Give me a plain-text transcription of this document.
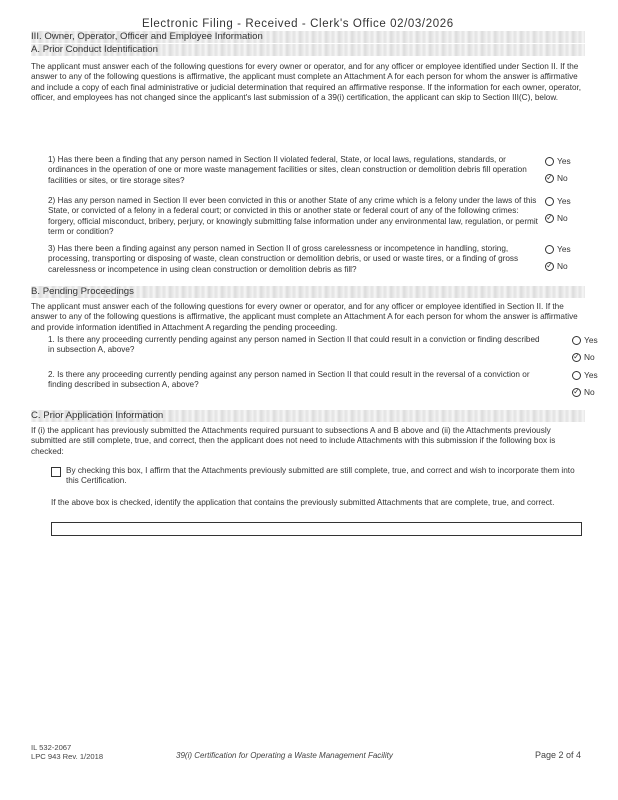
Electronic Filing - Received - Clerk's Office 02/03/2026
III. Owner, Operator, Officer and Employee Information
A. Prior Conduct Identification
The applicant must answer each of the following questions for every owner or operator, and for any officer or employee identified under Section II. If the answer to any of the following questions is affirmative, the applicant must complete an Attachment A for each person for whom the answer is affirmative and include a copy of each final administrative or judicial determination that required an affirmative response. If the information for each owner, operator, officer, and employees has not changed since the applicant's last submission of a 39(i) certification, the applicant can skip to Section III(C), below.
1) Has there been a finding that any person named in Section II violated federal, State, or local laws, regulations, standards, or ordinances in the operation of one or more waste management facilities or sites, clean construction or demolition debris fill operation facilities or sites, or tire storage sites?
Yes
✓ No
2) Has any person named in Section II ever been convicted in this or another State of any crime which is a felony under the laws of this State, or convicted of a felony in a federal court; or convicted in this or another state or federal court of any of the following crimes: forgery, official misconduct, bribery, perjury, or knowingly submitting false information under any environmental law, regulation, or permit term or condition?
Yes
✓ No
3) Has there been a finding against any person named in Section II of gross carelessness or incompetence in handling, storing, processing, transporting or disposing of waste, clean construction or demolition debris, or used or waste tires, or a finding of gross carelessness or incompetence in using clean construction or demolition debris as fill?
Yes
✓ No
B. Pending Proceedings
The applicant must answer each of the following questions for every owner or operator, and for any officer or employee identified in Section II. If the answer to any of the following questions is affirmative, the applicant must complete an Attachment A for each person for whom the answer is affirmative and provide information identified in Attachment A regarding the pending proceeding.
1. Is there any proceeding currently pending against any person named in Section II that could result in a conviction or finding described in subsection A, above?
Yes
✓ No
2. Is there any proceeding currently pending against any person named in Section II that could result in the reversal of a conviction or finding described in subsection A, above?
Yes
✓ No
C. Prior Application Information
If (i) the applicant has previously submitted the Attachments required pursuant to subsections A and B above and (ii) the Attachments previously submitted are still complete, true, and correct, then the applicant does not need to include Attachments with this submission if the following box is checked:
By checking this box, I affirm that the Attachments previously submitted are still complete, true, and correct and wish to incorporate them into this Certification.
If the above box is checked, identify the application that contains the previously submitted Attachments that are complete, true, and correct.
IL 532-2067
LPC 943 Rev. 1/2018	39(i) Certification for Operating a Waste Management Facility	Page 2 of 4
